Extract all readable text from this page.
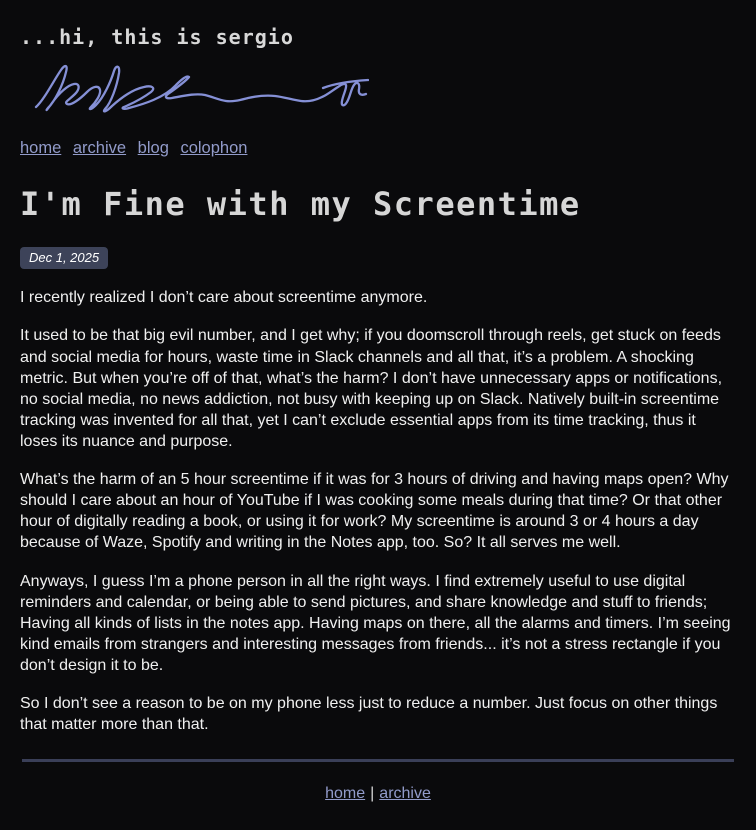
...hi, this is sergio
home archive blog colophon
I'm Fine with my Screentime
Dec 1, 2025

I recently realized I don’t care about screentime anymore.

It used to be that big evil number, and I get why; if you doomscroll through reels, get stuck on feeds and social media for hours, waste time in Slack channels and all that, it’s a problem. A shocking metric. But when you’re off of that, what’s the harm? I don’t have unnecessary apps or notifications, no social media, no news addiction, not busy with keeping up on Slack. Natively built-in screentime tracking was invented for all that, yet I can’t exclude essential apps from its time tracking, thus it loses its nuance and purpose.

What’s the harm of an 5 hour screentime if it was for 3 hours of driving and having maps open? Why should I care about an hour of YouTube if I was cooking some meals during that time? Or that other hour of digitally reading a book, or using it for work? My screentime is around 3 or 4 hours a day because of Waze, Spotify and writing in the Notes app, too. So? It all serves me well.

Anyways, I guess I’m a phone person in all the right ways. I find extremely useful to use digital reminders and calendar, or being able to send pictures, and share knowledge and stuff to friends; Having all kinds of lists in the notes app. Having maps on there, all the alarms and timers. I’m seeing kind emails from strangers and interesting messages from friends... it’s not a stress rectangle if you don’t design it to be.

So I don’t see a reason to be on my phone less just to reduce a number. Just focus on other things that matter more than that.

home | archive
